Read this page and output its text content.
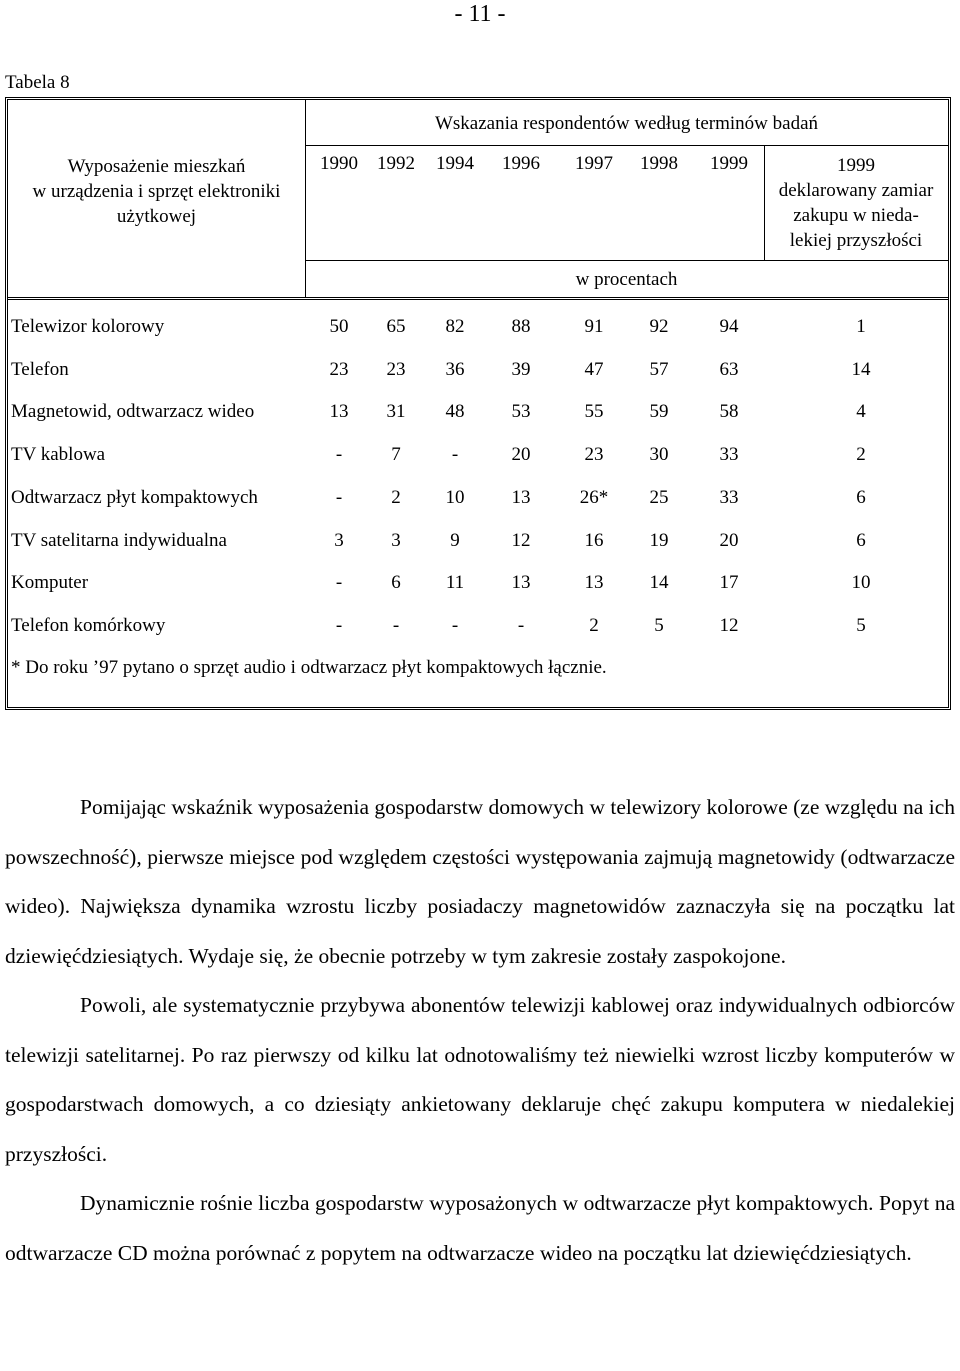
- 11 -
Tabela 8
Wskazania respondentów według terminów badań
Wyposażenie mieszkań
w urządzenia i sprzęt elektroniki
użytkowej
1990	1992	1994	1996	1997	1998	1999	1999
deklarowany zamiar
zakupu w nieda-
lekiej przyszłości
w procentach
Telewizor kolorowy	50	65	82	88	91	92	94	1
Telefon	23	23	36	39	47	57	63	14
Magnetowid, odtwarzacz wideo	13	31	48	53	55	59	58	4
TV kablowa	-	7	-	20	23	30	33	2
Odtwarzacz płyt kompaktowych	-	2	10	13	26*	25	33	6
TV satelitarna indywidualna	3	3	9	12	16	19	20	6
Komputer	-	6	11	13	13	14	17	10
Telefon komórkowy	-	-	-	-	2	5	12	5
* Do roku ’97 pytano o sprzęt audio i odtwarzacz płyt kompaktowych łącznie.

Pomijając wskaźnik wyposażenia gospodarstw domowych w telewizory kolorowe (ze względu na ich powszechność), pierwsze miejsce pod względem częstości występowania zajmują magnetowidy (odtwarzacze wideo). Największa dynamika wzrostu liczby posiadaczy magnetowidów zaznaczyła się na początku lat dziewięćdziesiątych. Wydaje się, że obecnie potrzeby w tym zakresie zostały zaspokojone.

Powoli, ale systematycznie przybywa abonentów telewizji kablowej oraz indywidualnych odbiorców telewizji satelitarnej. Po raz pierwszy od kilku lat odnotowaliśmy też niewielki wzrost liczby komputerów w gospodarstwach domowych, a co dziesiąty ankietowany deklaruje chęć zakupu komputera w niedalekiej przyszłości.

Dynamicznie rośnie liczba gospodarstw wyposażonych w odtwarzacze płyt kompaktowych. Popyt na odtwarzacze CD można porównać z popytem na odtwarzacze wideo na początku lat dziewięćdziesiątych.
